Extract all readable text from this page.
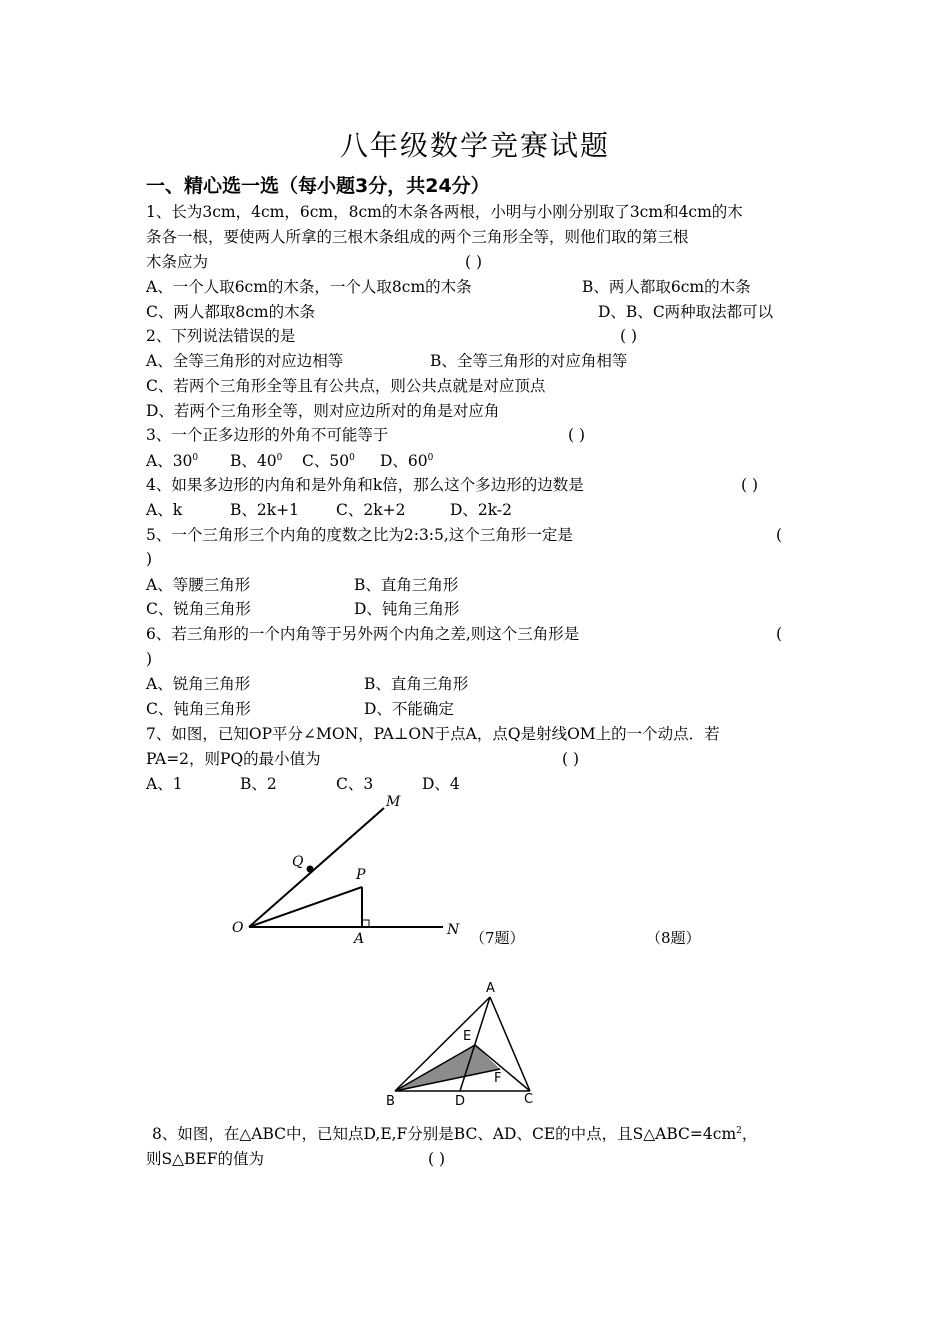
八年级数学竞赛试题
一、精心选一选（每小题3分，共24分）
1、长为3cm，4cm，6cm，8cm的木条各两根，小明与小刚分别取了3cm和4cm的木
条各一根，要使两人所拿的三根木条组成的两个三角形全等，则他们取的第三根
木条应为	( )
A、一个人取6cm的木条，一个人取8cm的木条	B、两人都取6cm的木条
C、两人都取8cm的木条	D、B、C两种取法都可以
2、下列说法错误的是	( )
A、全等三角形的对应边相等	B、全等三角形的对应角相等
C、若两个三角形全等且有公共点，则公共点就是对应顶点
D、若两个三角形全等，则对应边所对的角是对应角
3、一个正多边形的外角不可能等于	( )
A、$30^0$ B、$40^0$ C、$50^0$ D、$60^0$
4、如果多边形的内角和是外角和k倍，那么这个多边形的边数是	( )
A、k	B、2k+1 C、2k+2	D、2k-2
5、一个三角形三个内角的度数之比为2:3:5,这个三角形一定是	(
)
A、等腰三角形	B、直角三角形
C、锐角三角形	D、钝角三角形
6、若三角形的一个内角等于另外两个内角之差,则这个三角形是	(
)
A、锐角三角形	B、直角三角形
C、钝角三角形	D、不能确定
7、如图，已知OP平分∠MON，PA⊥ON于点A，点Q是射线OM上的一个动点．若
PA=2，则PQ的最小值为	( )
A、1	B、2	C、3	D、4
M
Q
P
O
A
N （7题）	（8题）
A
E
F
B	D	C
8、如图，在△ABC中，已知点D,E,F分别是BC、AD、CE的中点，且$S\triangle ABC=4cm^2$，
则S△BEF的值为	( )
